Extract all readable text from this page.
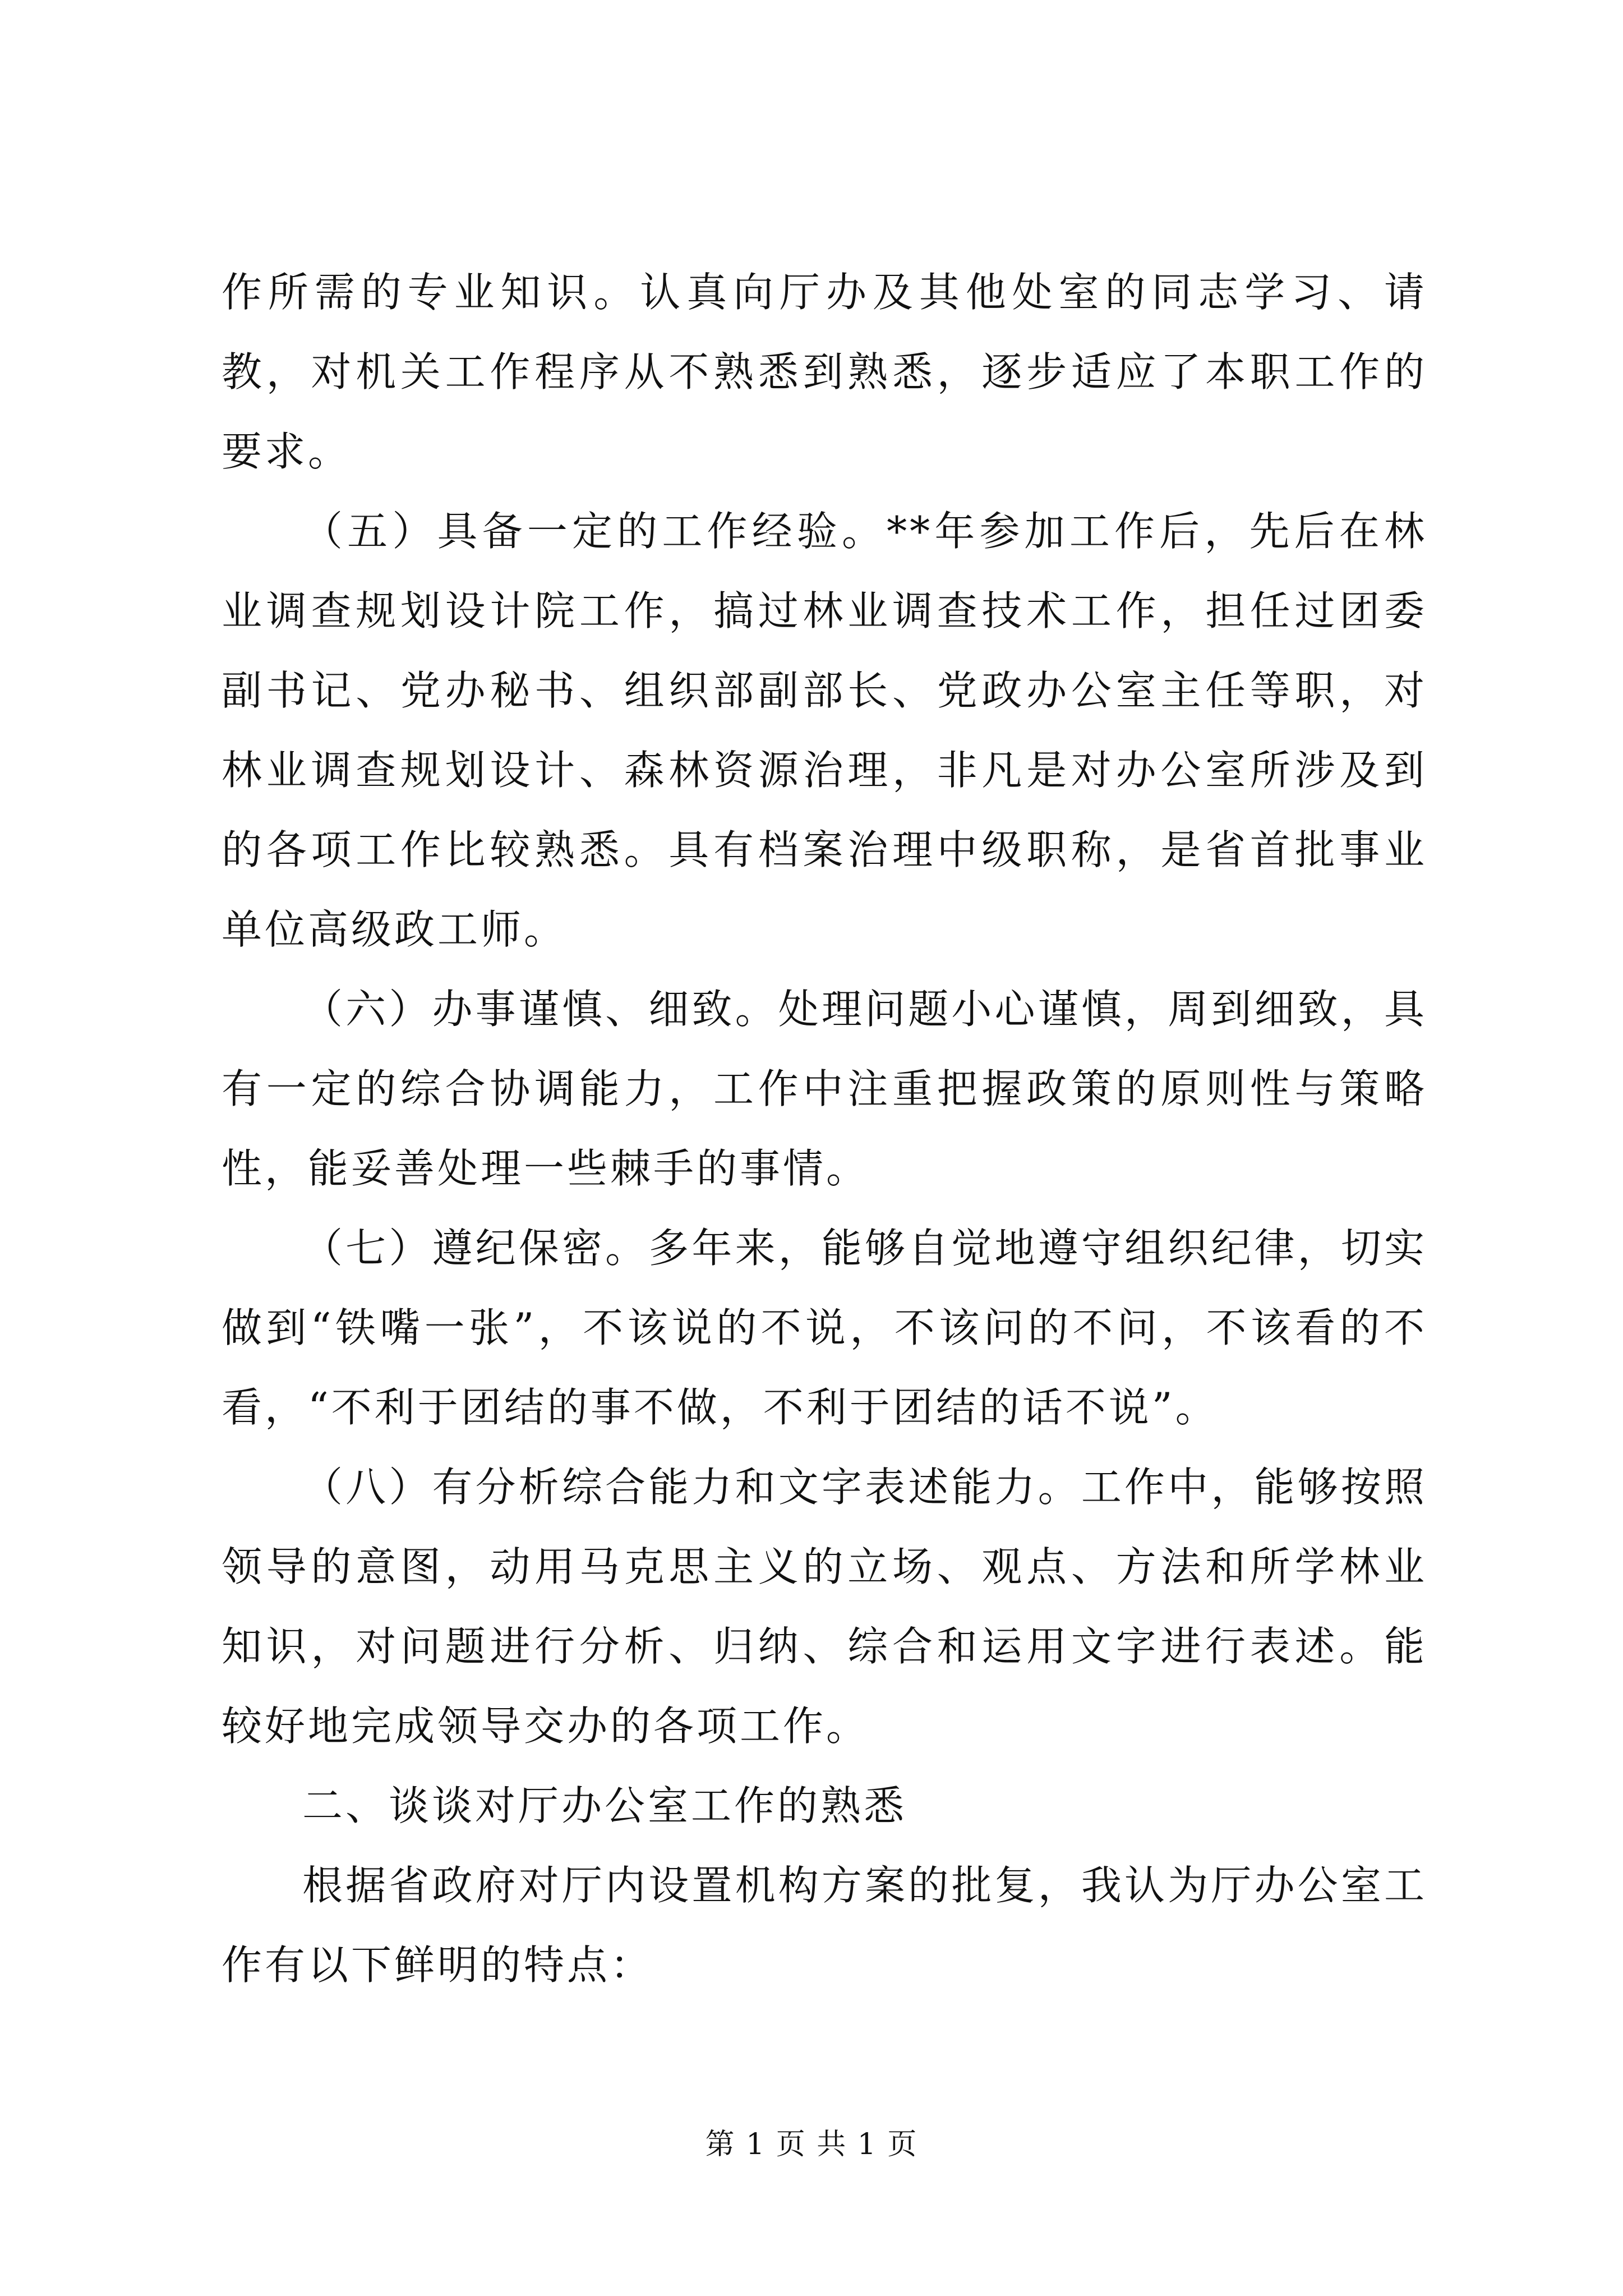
作所需的专业知识。认真向厅办及其他处室的同志学习、请教，对机关工作程序从不熟悉到熟悉，逐步适应了本职工作的要求。

（五）具备一定的工作经验。**年参加工作后，先后在林业调查规划设计院工作，搞过林业调查技术工作，担任过团委副书记、党办秘书、组织部副部长、党政办公室主任等职，对林业调查规划设计、森林资源治理，非凡是对办公室所涉及到的各项工作比较熟悉。具有档案治理中级职称，是省首批事业单位高级政工师。

（六）办事谨慎、细致。处理问题小心谨慎，周到细致，具有一定的综合协调能力，工作中注重把握政策的原则性与策略性，能妥善处理一些棘手的事情。

（七）遵纪保密。多年来，能够自觉地遵守组织纪律，切实做到“铁嘴一张”，不该说的不说，不该问的不问，不该看的不看，“不利于团结的事不做，不利于团结的话不说”。

（八）有分析综合能力和文字表述能力。工作中，能够按照领导的意图，动用马克思主义的立场、观点、方法和所学林业知识，对问题进行分析、归纳、综合和运用文字进行表述。能较好地完成领导交办的各项工作。

二、谈谈对厅办公室工作的熟悉

根据省政府对厅内设置机构方案的批复，我认为厅办公室工作有以下鲜明的特点：

第 1 页 共 1 页
